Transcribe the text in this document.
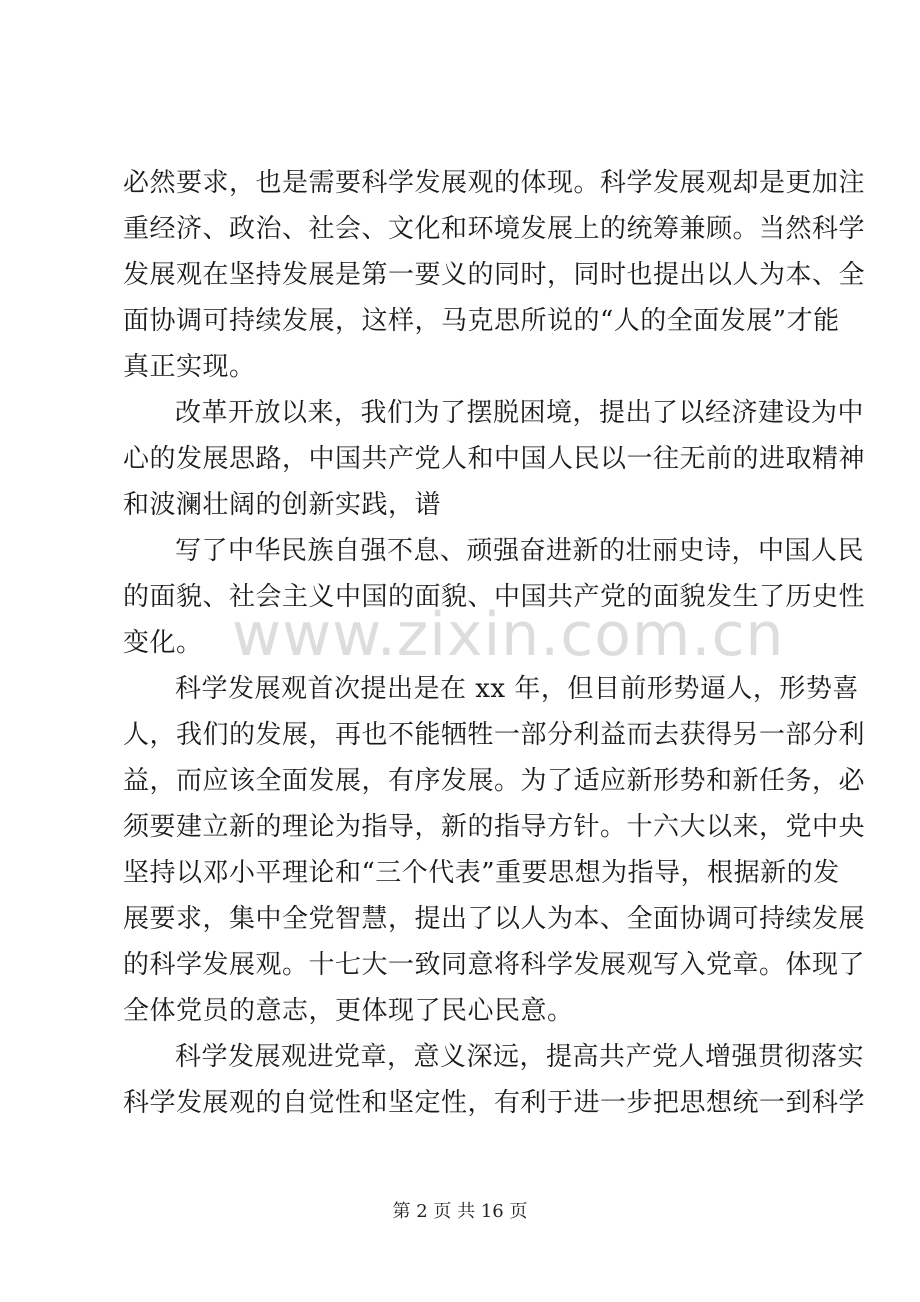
必然要求，也是需要科学发展观的体现。科学发展观却是更加注
重经济、政治、社会、文化和环境发展上的统筹兼顾。当然科学
发展观在坚持发展是第一要义的同时，同时也提出以人为本、全
面协调可持续发展，这样，马克思所说的“人的全面发展”才能
真正实现。
改革开放以来，我们为了摆脱困境，提出了以经济建设为中
心的发展思路，中国共产党人和中国人民以一往无前的进取精神
和波澜壮阔的创新实践，谱
写了中华民族自强不息、顽强奋进新的壮丽史诗，中国人民
的面貌、社会主义中国的面貌、中国共产党的面貌发生了历史性
变化。
科学发展观首次提出是在 xx 年，但目前形势逼人，形势喜
人，我们的发展，再也不能牺牲一部分利益而去获得另一部分利
益，而应该全面发展，有序发展。为了适应新形势和新任务，必
须要建立新的理论为指导，新的指导方针。十六大以来，党中央
坚持以邓小平理论和“三个代表”重要思想为指导，根据新的发
展要求，集中全党智慧，提出了以人为本、全面协调可持续发展
的科学发展观。十七大一致同意将科学发展观写入党章。体现了
全体党员的意志，更体现了民心民意。
科学发展观进党章，意义深远，提高共产党人增强贯彻落实
科学发展观的自觉性和坚定性，有利于进一步把思想统一到科学
www.zixin.com.cn
第 2 页 共 16 页
